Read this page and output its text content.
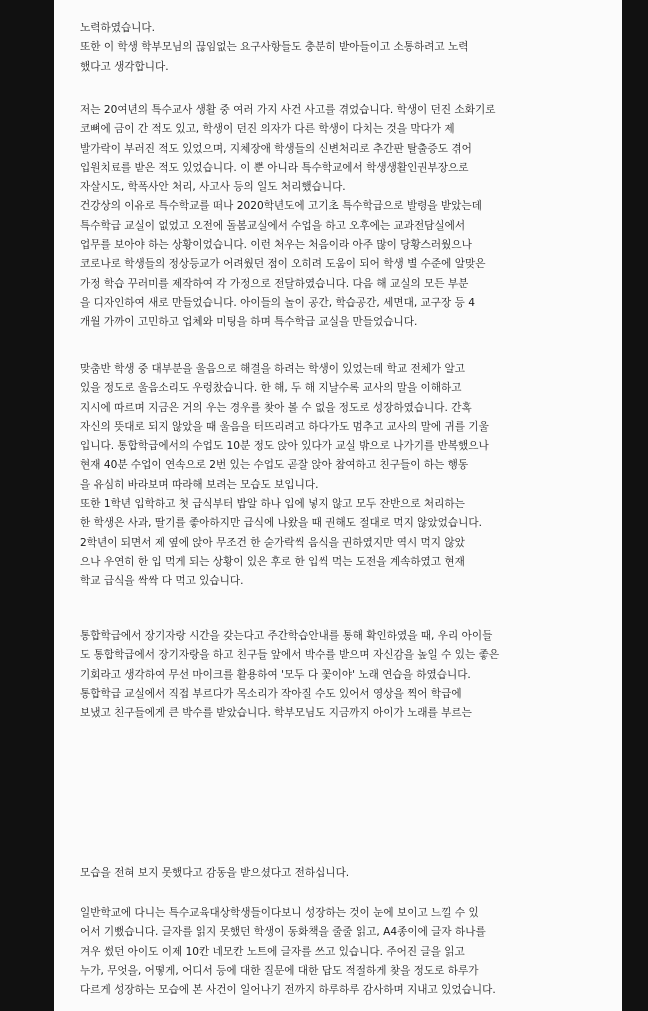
노력하였습니다.
또한 이 학생 학부모님의 끊임없는 요구사항들도 충분히 받아들이고 소통하려고 노력
했다고 생각합니다.
저는 20여년의 특수교사 생활 중 여러 가지 사건 사고를 겪었습니다. 학생이 던진 소화기로
코뼈에 금이 간 적도 있고, 학생이 던진 의자가 다른 학생이 다치는 것을 막다가 제
발가락이 부러진 적도 있었으며, 지체장애 학생들의 신변처리로 추간판 탈출증도 겪어
입원치료를 받은 적도 있었습니다. 이 뿐 아니라 특수학교에서 학생생활인권부장으로
자살시도, 학폭사안 처리, 사고사 등의 일도 처리했습니다.
건강상의 이유로 특수학교를 떠나 2020학년도에 고기초 특수학급으로 발령을 받았는데
특수학급 교실이 없었고 오전에 돌봄교실에서 수업을 하고 오후에는 교과전담실에서
업무를 보아야 하는 상황이었습니다. 이런 처우는 처음이라 아주 많이 당황스러웠으나
코로나로 학생들의 정상등교가 어려웠던 점이 오히려 도움이 되어 학생 별 수준에 알맞은
가정 학습 꾸러미를 제작하여 각 가정으로 전달하였습니다. 다음 해 교실의 모든 부분
을 디자인하여 새로 만들었습니다. 아이들의 놀이 공간, 학습공간, 세면대, 교구장 등 4
개월 가까이 고민하고 업체와 미팅을 하며 특수학급 교실을 만들었습니다.
맞춤반 학생 중 대부분을 울음으로 해결을 하려는 학생이 있었는데 학교 전체가 알고
있을 정도로 울음소리도 우렁찼습니다. 한 해, 두 해 지날수록 교사의 말을 이해하고
지시에 따르며 지금은 거의 우는 경우를 찾아 볼 수 없을 정도로 성장하였습니다. 간혹
자신의 뜻대로 되지 않았을 때 울음을 터뜨리려고 하다가도 멈추고 교사의 말에 귀를 기울
입니다. 통합학급에서의 수업도 10분 정도 앉아 있다가 교실 밖으로 나가기를 반복했으나
현재 40분 수업이 연속으로 2번 있는 수업도 곧잘 앉아 참여하고 친구들이 하는 행동
을 유심히 바라보며 따라해 보려는 모습도 보입니다.
또한 1학년 입학하고 첫 급식부터 밥알 하나 입에 넣지 않고 모두 잔반으로 처리하는
한 학생은 사과, 딸기를 좋아하지만 급식에 나왔을 때 권해도 절대로 먹지 않았었습니다.
2학년이 되면서 제 옆에 앉아 무조건 한 숟가락씩 음식을 권하였지만 역시 먹지 않았
으나 우연히 한 입 먹게 되는 상황이 있은 후로 한 입씩 먹는 도전을 계속하였고 현재
학교 급식을 싹싹 다 먹고 있습니다.
통합학급에서 장기자랑 시간을 갖는다고 주간학습안내를 통해 확인하였을 때, 우리 아이들
도 통합학급에서 장기자랑을 하고 친구들 앞에서 박수를 받으며 자신감을 높일 수 있는 좋은
기회라고 생각하여 무선 마이크를 활용하여 '모두 다 꽃이야' 노래 연습을 하였습니다.
통합학급 교실에서 직접 부르다가 목소리가 작아질 수도 있어서 영상을 찍어 학급에
보냈고 친구들에게 큰 박수를 받았습니다. 학부모님도 지금까지 아이가 노래를 부르는
모습을 전혀 보지 못했다고 감동을 받으셨다고 전하십니다.
일반학교에 다니는 특수교육대상학생들이다보니 성장하는 것이 눈에 보이고 느낄 수 있
어서 기뻤습니다. 글자를 읽지 못했던 학생이 동화책을 줄줄 읽고, A4종이에 글자 하나를
겨우 썼던 아이도 이제 10칸 네모칸 노트에 글자를 쓰고 있습니다. 주어진 글을 읽고
누가, 무엇을, 어떻게, 어디서 등에 대한 질문에 대한 답도 적절하게 찾을 정도로 하루가
다르게 성장하는 모습에 본 사건이 일어나기 전까지 하루하루 감사하며 지내고 있었습니다.
